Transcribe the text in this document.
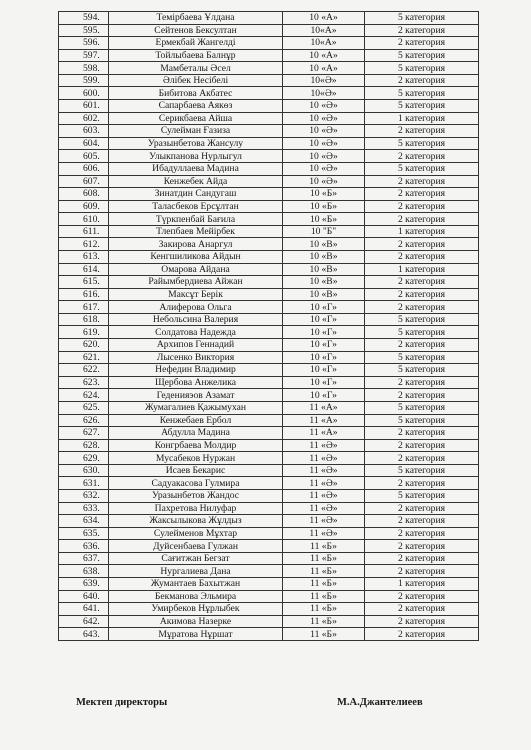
594.	Темірбаева Ұлдана	10 «А»	5 категория
595.	Сейтенов Бексултан	10«А»	2 категория
596.	Ермекбай Жангелді	10«А»	2 категория
597.	Тойлыбаева Балнұр	10 «А»	5 категория
598.	Мамбеталы Әсел	10 «А»	5 категория
599.	Әлібек Несібелі	10«Ә»	2 категория
600.	Бибитова Акбатес	10«Ә»	5 категория
601.	Сапарбаева Аякөз	10 «Ә»	5 категория
602.	Серикбаева Айша	10 «Ә»	1 категория
603.	Сулейман Ғазиза	10 «Ә»	2 категория
604.	Уразынбетова Жансулу	10 «Ә»	5 категория
605.	Улыкпанова Нурлыгул	10 «Ә»	2 категория
606.	Ибадуллаева Мадина	10 «Ә»	5 категория
607.	Кенжебек Айда	10 «Ә»	2 категория
608.	Зинатдин Сандугаш	10 «Б»	2 категория
609.	Таласбеков Ерсұлтан	10 «Б»	2 категория
610.	Түркпенбай Бағила	10 «Б»	2 категория
611.	Тлепбаев Мейірбек	10 "Б"	1 категория
612.	Закирова Анаргул	10 «В»	2 категория
613.	Кенгшиликова Айдын	10 «В»	2 категория
614.	Омарова Айдана	10 «В»	1 категория
615.	Райымбердиева Айжан	10 «В»	2 категория
616.	Максұт Берік	10 «В»	2 категория
617.	Алиферова Ольга	10 «Г»	2 категория
618.	Небольсина Валерия	10 «Г»	5 категория
619.	Солдатова Надежда	10 «Г»	5 категория
620.	Архипов Геннадий	10 «Г»	2 категория
621.	Лысенко Виктория	10 «Г»	5 категория
622.	Нефедин Владимир	10 «Г»	5 категория
623.	Щербова Анжелика	10 «Г»	2 категория
624.	Геденияэов Азамат	10 «Г»	2 категория
625.	Жумагалиев Қажымухан	11 «А»	5 категория
626.	Кенжебаев Ербол	11 «А»	5 категория
627.	Абдулла Мадина	11 «А»	2 категория
628.	Конгрбаева Молдир	11 «Ә»	2 категория
629.	Мусабеков Нуржан	11 «Ә»	2 категория
630.	Исаев Бекарис	11 «Ә»	5 категория
631.	Садуакасова Гулмира	11 «Ә»	2 категория
632.	Уразынбетов Жандос	11 «Ә»	5 категория
633.	Пахретова Нилуфар	11 «Ә»	2 категория
634.	Жаксылыкова Жұлдыз	11 «Ә»	2 категория
635.	Сулейменов Мұхтар	11 «Ә»	2 категория
636.	Дуйсенбаева Гулжан	11 «Б»	2 категория
637.	Сағитжан Бегзат	11 «Б»	2 категория
638.	Нургалиева Дана	11 «Б»	2 категория
639.	Жумантаев Бахытжан	11 «Б»	1 категория
640.	Бекманова Эльмира	11 «Б»	2 категория
641.	Умирбеков Нұрлыбек	11 «Б»	2 категория
642.	Акимова Назерке	11 «Б»	2 категория
643.	Мұратова Нұршат	11 «Б»	2 категория
Мектеп директоры	М.А.Джантелиеев
